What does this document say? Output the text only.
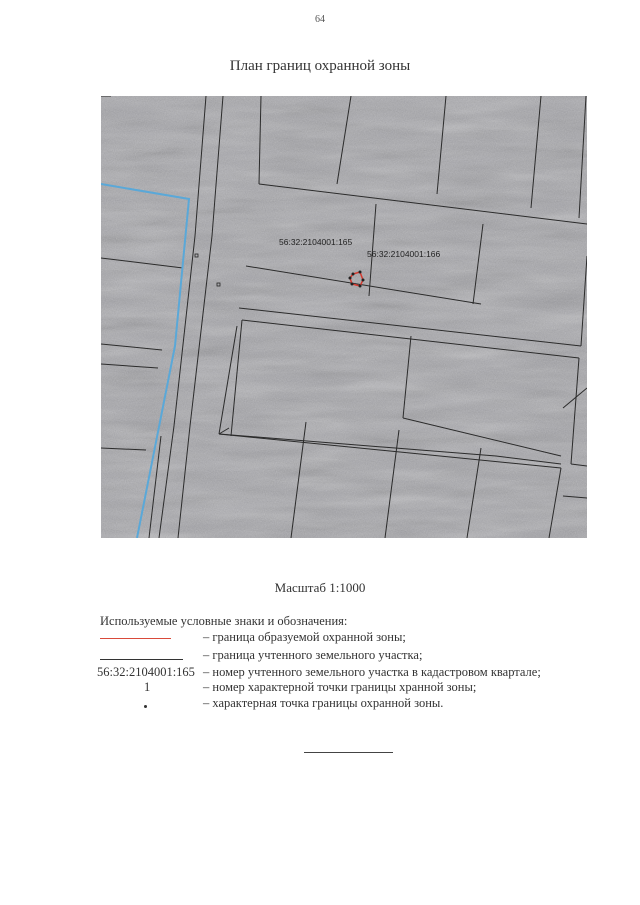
64
План границ охранной зоны
56:32:2104001:165
56:32:2104001:166
Масштаб 1:1000
Используемые условные знаки и обозначения:
– граница образуемой охранной зоны;
– граница учтенного земельного участка;
56:32:2104001:165 – номер учтенного земельного участка в кадастровом квартале;
1	– номер характерной точки границы хранной зоны;
– характерная точка границы охранной зоны.
